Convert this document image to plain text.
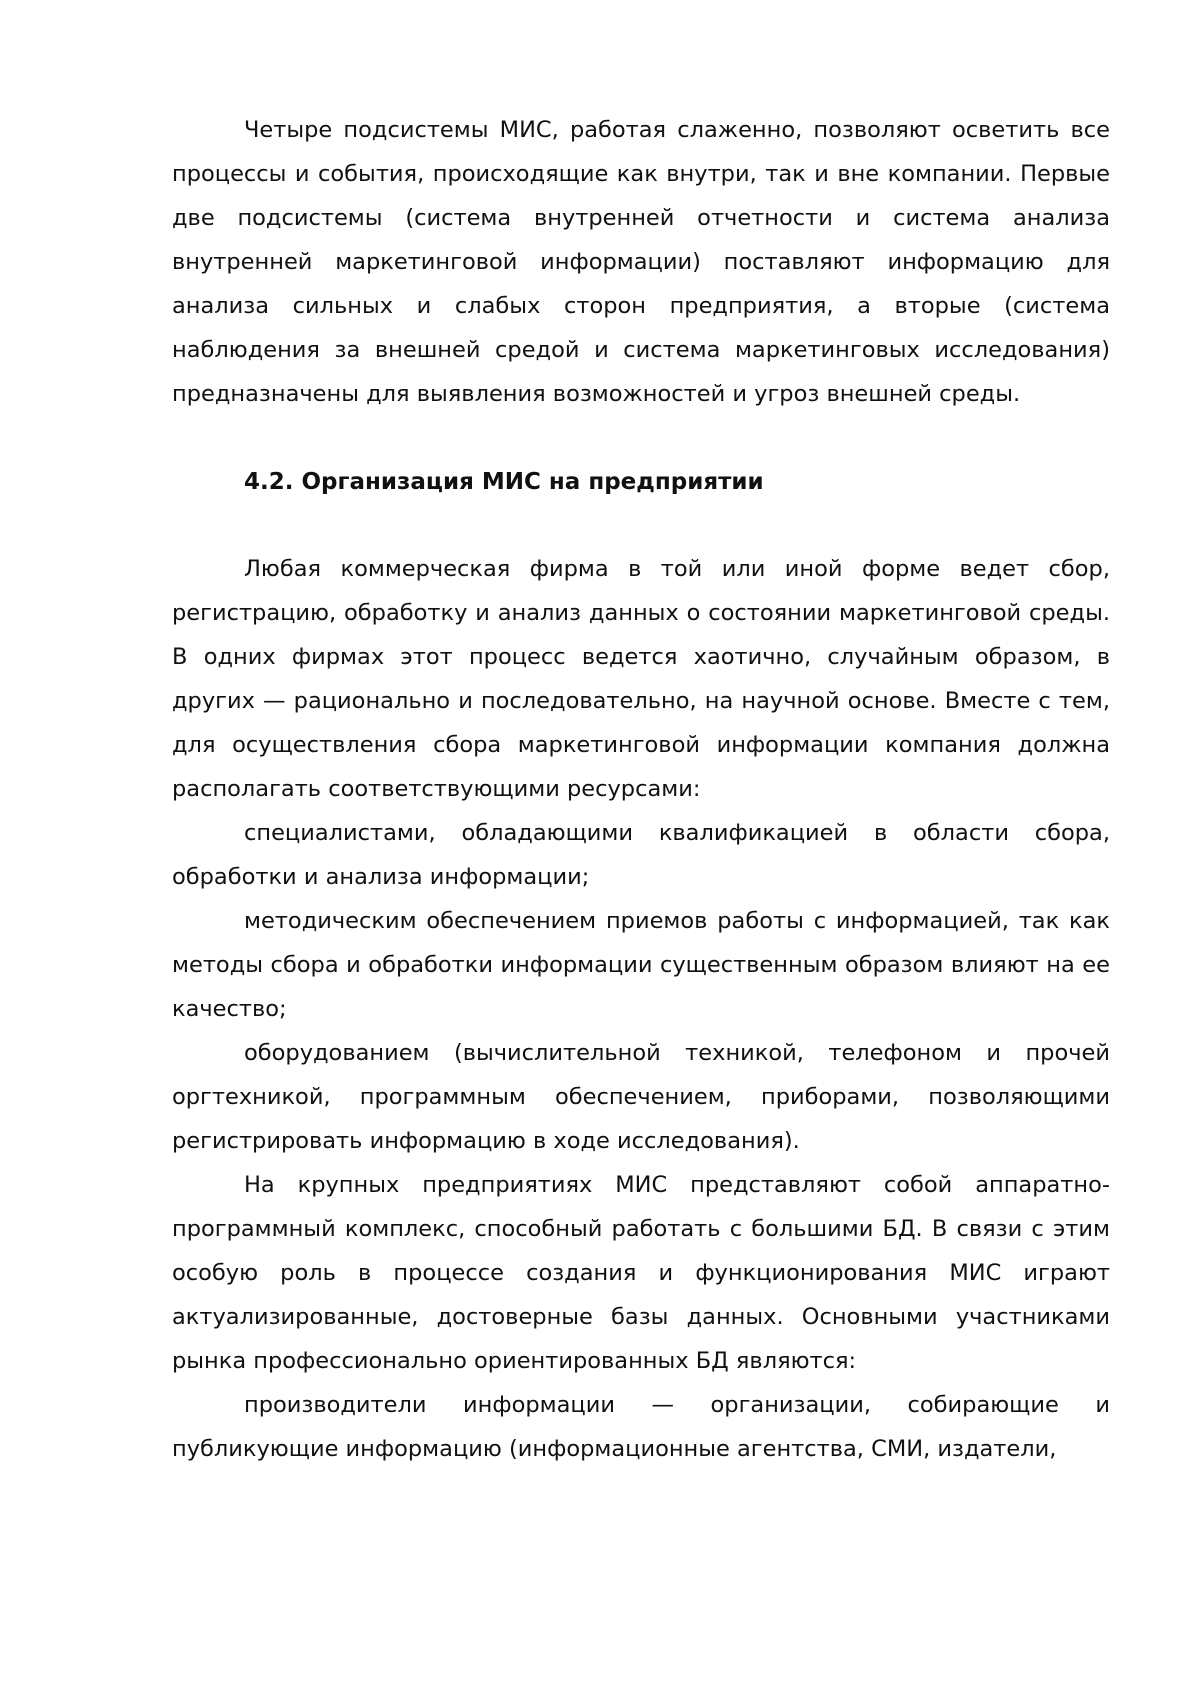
Четыре подсистемы МИС, работая слаженно, позволяют осветить все процессы и события, происходящие как внутри, так и вне компании. Первые две подсистемы (система внутренней отчетности и система анализа внутренней маркетинговой информации) поставляют информацию для анализа сильных и слабых сторон предприятия, а вторые (система наблюдения за внешней средой и система маркетинговых исследования) предназначены для выявления возможностей и угроз внешней среды.

4.2. Организация МИС на предприятии

Любая коммерческая фирма в той или иной форме ведет сбор, регистрацию, обработку и анализ данных о состоянии маркетинговой среды. В одних фирмах этот процесс ведется хаотично, случайным образом, в других — рационально и последовательно, на научной основе. Вместе с тем, для осуществления сбора маркетинговой информации компания должна располагать соответствующими ресурсами:

специалистами, обладающими квалификацией в области сбора, обработки и анализа информации;

методическим обеспечением приемов работы с информацией, так как методы сбора и обработки информации существенным образом влияют на ее качество;

оборудованием (вычислительной техникой, телефоном и прочей оргтехникой, программным обеспечением, приборами, позволяющими регистрировать информацию в ходе исследования).

На крупных предприятиях МИС представляют собой аппаратно-программный комплекс, способный работать с большими БД. В связи с этим особую роль в процессе создания и функционирования МИС играют актуализированные, достоверные базы данных. Основными участниками рынка профессионально ориентированных БД являются:

производители информации — организации, собирающие и публикующие информацию (информационные агентства, СМИ, издатели,
